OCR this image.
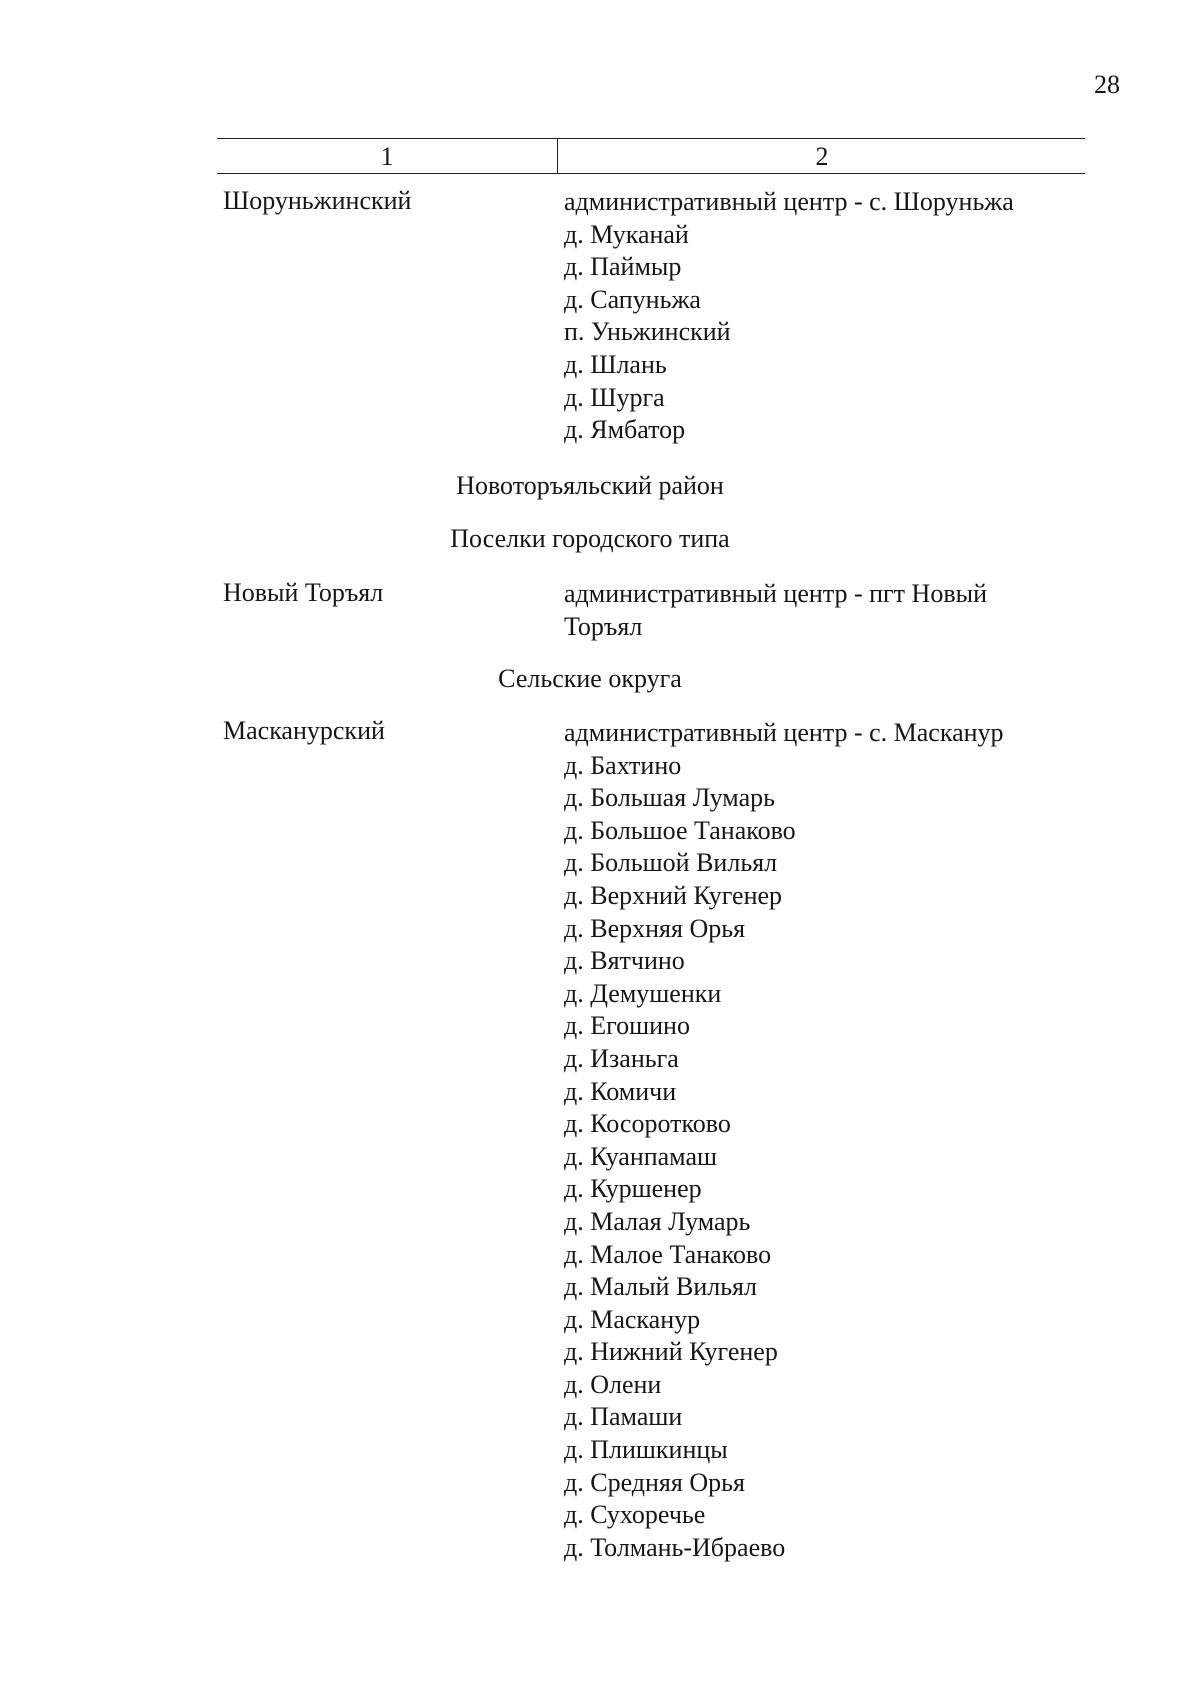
28
1	2
Шоруньжинский	административный центр - с. Шоруньжа
д. Муканай
д. Паймыр
д. Сапуньжа
п. Уньжинский
д. Шлань
д. Шурга
д. Ямбатор
Новоторъяльский район
Поселки городского типа
Новый Торъял	административный центр - пгт Новый Торъял
Сельские округа
Масканурский	административный центр - с. Масканур
д. Бахтино
д. Большая Лумарь
д. Большое Танаково
д. Большой Вильял
д. Верхний Кугенер
д. Верхняя Орья
д. Вятчино
д. Демушенки
д. Егошино
д. Изаньга
д. Комичи
д. Косоротково
д. Куанпамаш
д. Куршенер
д. Малая Лумарь
д. Малое Танаково
д. Малый Вильял
д. Масканур
д. Нижний Кугенер
д. Олени
д. Памаши
д. Плишкинцы
д. Средняя Орья
д. Сухоречье
д. Толмань-Ибраево
